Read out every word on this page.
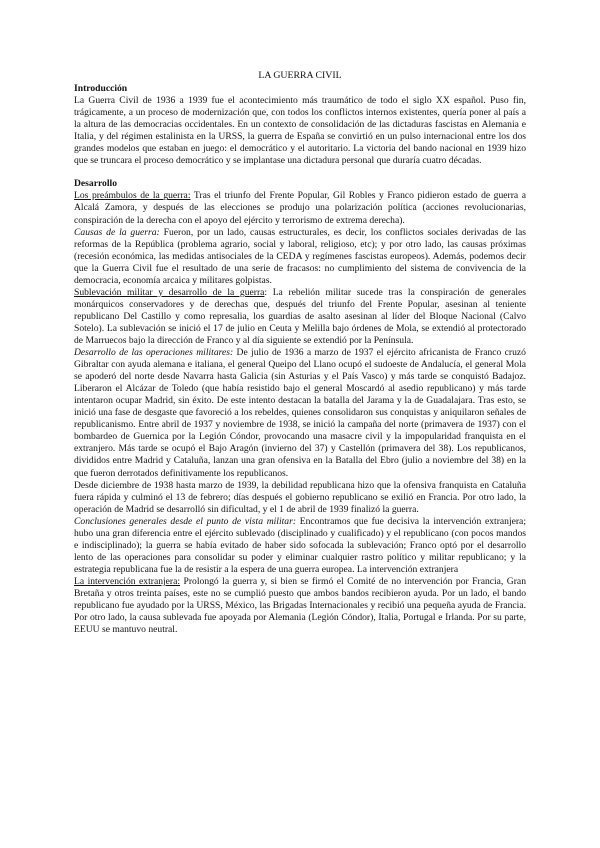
LA GUERRA CIVIL
Introducción

La Guerra Civil de 1936 a 1939 fue el acontecimiento más traumático de todo el siglo XX español. Puso fin, trágicamente, a un proceso de modernización que, con todos los conflictos internos existentes, quería poner al país a la altura de las democracias occidentales. En un contexto de consolidación de las dictaduras fascistas en Alemania e Italia, y del régimen estalinista en la URSS, la guerra de España se convirtió en un pulso internacional entre los dos grandes modelos que estaban en juego: el democrático y el autoritario. La victoria del bando nacional en 1939 hizo que se truncara el proceso democrático y se implantase una dictadura personal que duraría cuatro décadas.

Desarrollo

Los preámbulos de la guerra: Tras el triunfo del Frente Popular, Gil Robles y Franco pidieron estado de guerra a Alcalá Zamora, y después de las elecciones se produjo una polarización política (acciones revolucionarias, conspiración de la derecha con el apoyo del ejército y terrorismo de extrema derecha).

Causas de la guerra: Fueron, por un lado, causas estructurales, es decir, los conflictos sociales derivadas de las reformas de la República (problema agrario, social y laboral, religioso, etc); y por otro lado, las causas próximas (recesión económica, las medidas antisociales de la CEDA y regímenes fascistas europeos). Además, podemos decir que la Guerra Civil fue el resultado de una serie de fracasos: no cumplimiento del sistema de convivencia de la democracia, economía arcaica y militares golpistas.

Sublevación militar y desarrollo de la guerra: La rebelión militar sucede tras la conspiración de generales monárquicos conservadores y de derechas que, después del triunfo del Frente Popular, asesinan al teniente republicano Del Castillo y como represalia, los guardias de asalto asesinan al líder del Bloque Nacional (Calvo Sotelo). La sublevación se inició el 17 de julio en Ceuta y Melilla bajo órdenes de Mola, se extendió al protectorado de Marruecos bajo la dirección de Franco y al día siguiente se extendió por la Península.

Desarrollo de las operaciones militares: De julio de 1936 a marzo de 1937 el ejército africanista de Franco cruzó Gibraltar con ayuda alemana e italiana, el general Queipo del Llano ocupó el sudoeste de Andalucía, el general Mola se apoderó del norte desde Navarra hasta Galicia (sin Asturias y el País Vasco) y más tarde se conquistó Badajoz. Liberaron el Alcázar de Toledo (que había resistido bajo el general Moscardó al asedio republicano) y más tarde intentaron ocupar Madrid, sin éxito. De este intento destacan la batalla del Jarama y la de Guadalajara. Tras esto, se inició una fase de desgaste que favoreció a los rebeldes, quienes consolidaron sus conquistas y aniquilaron señales de republicanismo. Entre abril de 1937 y noviembre de 1938, se inició la campaña del norte (primavera de 1937) con el bombardeo de Guernica por la Legión Cóndor, provocando una masacre civil y la impopularidad franquista en el extranjero. Más tarde se ocupó el Bajo Aragón (invierno del 37) y Castellón (primavera del 38). Los republicanos, divididos entre Madrid y Cataluña, lanzan una gran ofensiva en la Batalla del Ebro (julio a noviembre del 38) en la que fueron derrotados definitivamente los republicanos.

Desde diciembre de 1938 hasta marzo de 1939, la debilidad republicana hizo que la ofensiva franquista en Cataluña fuera rápida y culminó el 13 de febrero; días después el gobierno republicano se exilió en Francia. Por otro lado, la operación de Madrid se desarrolló sin dificultad, y el 1 de abril de 1939 finalizó la guerra.

Conclusiones generales desde el punto de vista militar: Encontramos que fue decisiva la intervención extranjera; hubo una gran diferencia entre el ejército sublevado (disciplinado y cualificado) y el republicano (con pocos mandos e indisciplinado); la guerra se había evitado de haber sido sofocada la sublevación; Franco optó por el desarrollo lento de las operaciones para consolidar su poder y eliminar cualquier rastro político y militar republicano; y la estrategia republicana fue la de resistir a la espera de una guerra europea. La intervención extranjera

La intervención extranjera: Prolongó la guerra y, si bien se firmó el Comité de no intervención por Francia, Gran Bretaña y otros treinta países, este no se cumplió puesto que ambos bandos recibieron ayuda. Por un lado, el bando republicano fue ayudado por la URSS, México, las Brigadas Internacionales y recibió una pequeña ayuda de Francia. Por otro lado, la causa sublevada fue apoyada por Alemania (Legión Cóndor), Italia, Portugal e Irlanda. Por su parte, EEUU se mantuvo neutral.
